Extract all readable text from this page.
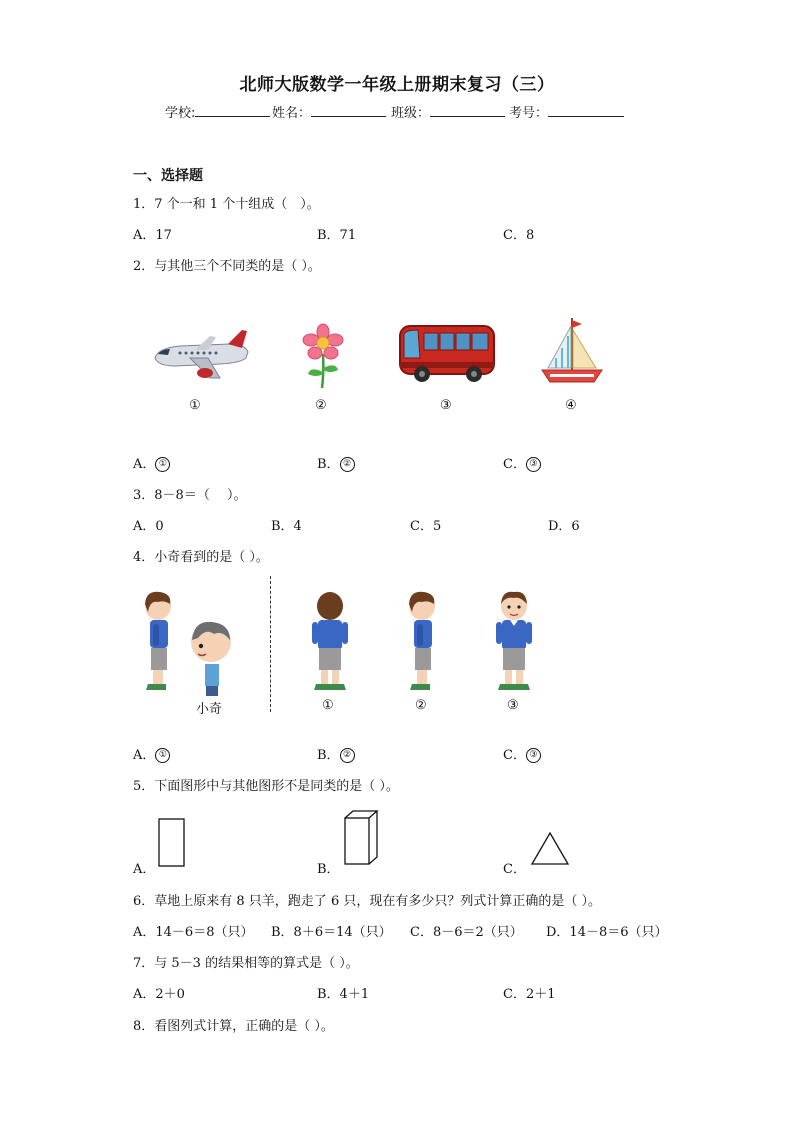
北师大版数学一年级上册期末复习（三）
学校:	姓名：	班级：	考号：
一、选择题
1．7 个一和 1 个十组成（　）。
A．17	B．71	C．8
2．与其他三个不同类的是（ ）。
①	②	③	④
A． ①	B． ②	C． ③
3．8－8＝（　 ）。
A．0	B．4	C．5	D．6
4．小奇看到的是（ ）。
小奇	①	②	③
A． ①	B． ②	C． ③
5．下面图形中与其他图形不是同类的是（ ）。
A．	B．	C．
6．草地上原来有 8 只羊，跑走了 6 只，现在有多少只？列式计算正确的是（ ）。
A．14－6＝8（只） B．8＋6＝14（只） C．8－6＝2（只） D．14－8＝6（只）
7．与 5－3 的结果相等的算式是（ ）。
A．2＋0	B．4＋1	C．2＋1
8．看图列式计算，正确的是（ ）。
